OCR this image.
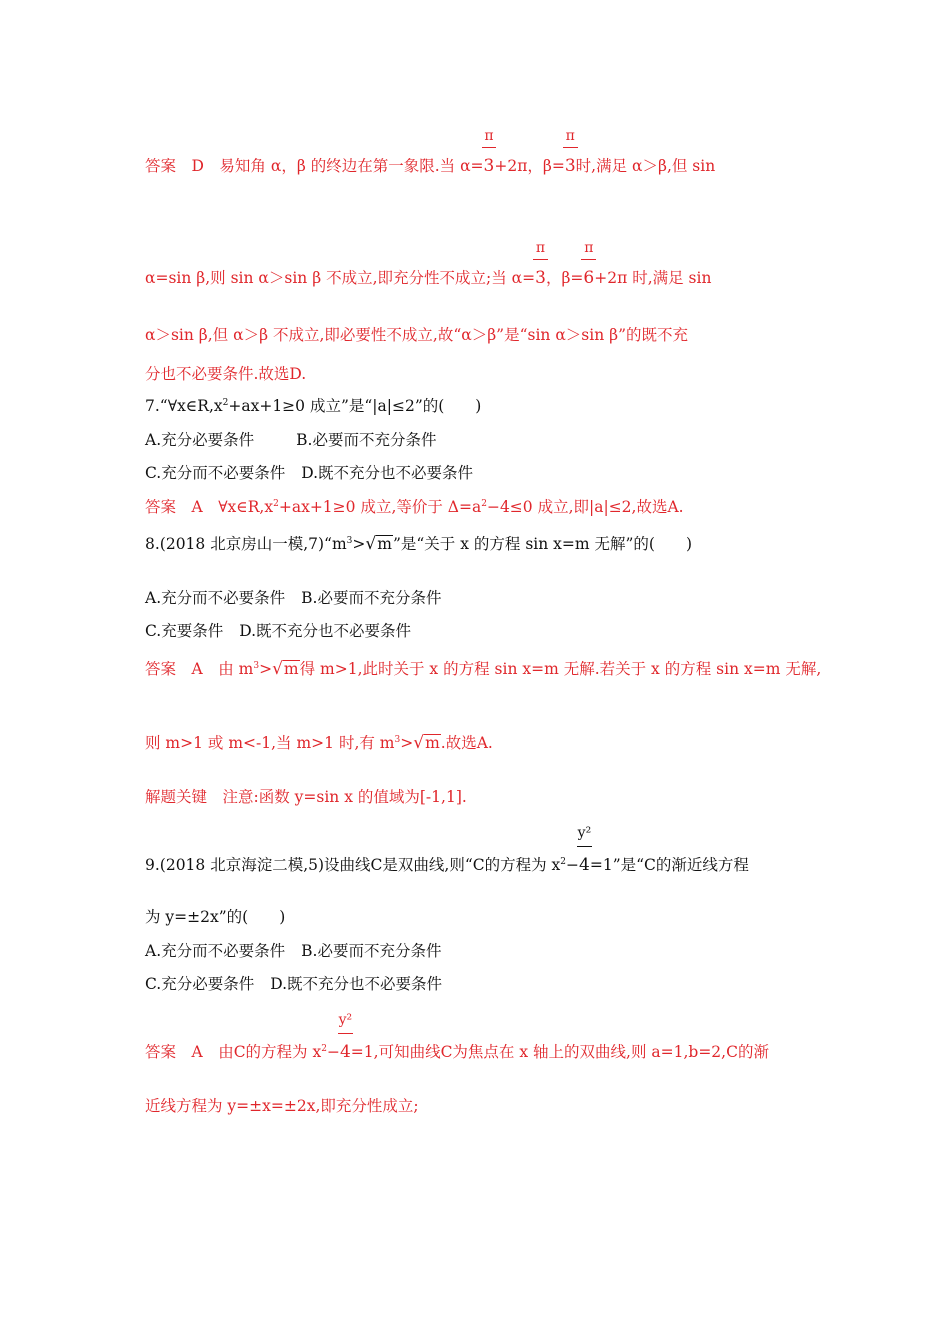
答案　D　易知角 α，β 的终边在第一象限.当 $\alpha= \frac{\pi}{3}+2\pi$，$\beta= \frac{\pi}{3}$时,满足 α＞β,但 sin
α=sin β,则 sin α＞sin β 不成立,即充分性不成立;当 $\alpha= \frac{\pi}{3}$，$\beta= \frac{\pi}{6}+2\pi$ 时,满足 sin
α＞sin β,但 α＞β 不成立,即必要性不成立,故“α＞β”是“sin α＞sin β”的既不充
分也不必要条件.故选D.
$7.“\forall x\in R,x^2+ax+1\ge 0$ 成立”是“|a|≤2”的(　　)
A.充分必要条件	B.必要而不充分条件
C.充分而不必要条件 D.既不充分也不必要条件
答案　A　$\forall x\in R,x^2+ax+1\ge 0$ 成立,等价于 $\Delta=a^2-4\le 0$ 成立,即|a|≤2,故选A.
8.(2018 北京房山一模$,7)“m^3>√m$”是“关于 x 的方程 sin x=m 无解”的(　　)
A.充分而不必要条件 B.必要而不充分条件
C.充要条件 D.既不充分也不必要条件
答案　A　由 $m^3>√m$得 m>1,此时关于 x 的方程 sin x=m 无解.若关于 x 的方程 sin x=m 无解,
则 m>1 或 m<-1,当 m>1 时,有 $m^3>√m$.故选A.
解题关键　注意:函数 y=sin x 的值域为[-1,1].
9.(2018 北京海淀二模,5)设曲线C是双曲线,则“C的方程为 $x^2- \frac{\text{y²}}{4}=1$”是“C的渐近线方程
为 y=±2x”的(　　)
A.充分而不必要条件 B.必要而不充分条件
C.充分必要条件 D.既不充分也不必要条件
答案　A　由C的方程为 $x^2- \frac{\text{y²}}{4}=1$,可知曲线C为焦点在 x 轴上的双曲线,则 a=1,b=2,C的渐
近线方程为 y=±x=±2x,即充分性成立;
